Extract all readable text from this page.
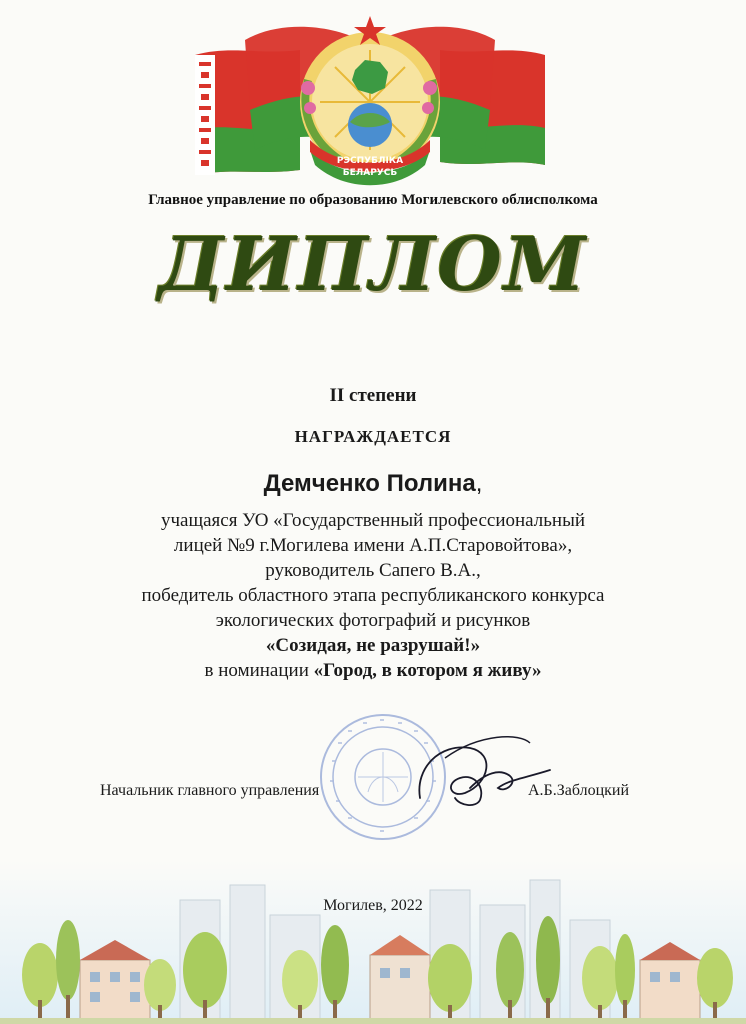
РЭСПУБЛІКА
БЕЛАРУСЬ
Главное управление по образованию Могилевского облисполкома
ДИПЛОМ
II степени
НАГРАЖДАЕТСЯ
Демченко Полина,
учащаяся УО «Государственный профессиональный
лицей №9 г.Могилева имени А.П.Старовойтова»,
руководитель Сапего В.А.,
победитель областного этапа республиканского конкурса
экологических фотографий и рисунков
«Созидая, не разрушай!»
в номинации «Город, в котором я живу»
Начальник главного управления	А.Б.Заблоцкий
Могилев, 2022
